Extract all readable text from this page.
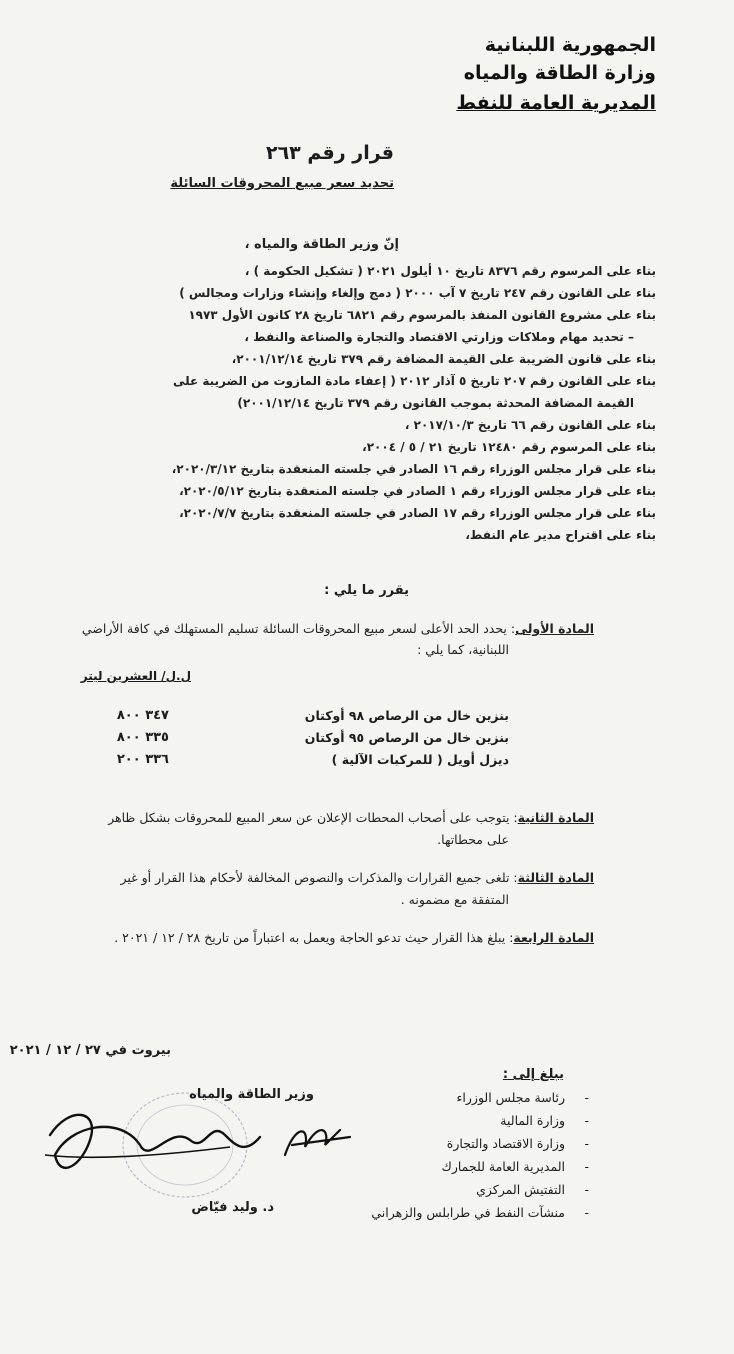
الجمهورية اللبنانية
وزارة الطاقة والمياه
المديرية العامة للنفط
قرار رقم ٢٦٣
تحديد سعر مبيع المحروقات السائلة
إنّ وزير الطاقة والمياه ،
بناء على المرسوم رقم ٨٣٧٦ تاريخ ١٠ أيلول ٢٠٢١ ( تشكيل الحكومة ) ،
بناء على القانون رقم ٢٤٧ تاريخ ٧ آب ٢٠٠٠ ( دمج وإلغاء وإنشاء وزارات ومجالس )
بناء على مشروع القانون المنفذ بالمرسوم رقم ٦٨٢١ تاريخ ٢٨ كانون الأول ١٩٧٣
– تحديد مهام وملاكات وزارتي الاقتصاد والتجارة والصناعة والنفط ،
بناء على قانون الضريبة على القيمة المضافة رقم ٣٧٩ تاريخ ٢٠٠١/١٢/١٤،
بناء على القانون رقم ٢٠٧ تاريخ ٥ آذار ٢٠١٢ ( إعفاء مادة المازوت من الضريبة على
القيمة المضافة المحدثة بموجب القانون رقم ٣٧٩ تاريخ ٢٠٠١/١٢/١٤)
بناء على القانون رقم ٦٦ تاريخ ٢٠١٧/١٠/٣ ،
بناء على المرسوم رقم ١٢٤٨٠ تاريخ ٢١ / ٥ / ٢٠٠٤،
بناء على قرار مجلس الوزراء رقم ١٦ الصادر في جلسته المنعقدة بتاريخ ٢٠٢٠/٣/١٢،
بناء على قرار مجلس الوزراء رقم ١ الصادر في جلسته المنعقدة بتاريخ ٢٠٢٠/٥/١٢،
بناء على قرار مجلس الوزراء رقم ١٧ الصادر في جلسته المنعقدة بتاريخ ٢٠٢٠/٧/٧،
بناء على اقتراح مدير عام النفط،
يقرر ما يلي :
المادة الأولى: يحدد الحد الأعلى لسعر مبيع المحروقات السائلة تسليم المستهلك في كافة الأراضي
اللبنانية، كما يلي :
ل.ل/ العشرين ليتر
بنزين خال من الرصاص ٩٨ أوكتان
٣٤٧ ٨٠٠
بنزين خال من الرصاص ٩٥ أوكتان
٣٣٥ ٨٠٠
ديزل أويل ( للمركبات الآلية )
٣٣٦ ٢٠٠
المادة الثانية: يتوجب على أصحاب المحطات الإعلان عن سعر المبيع للمحروقات بشكل ظاهر
على محطاتها.
المادة الثالثة: تلغى جميع القرارات والمذكرات والنصوص المخالفة لأحكام هذا القرار أو غير
المتفقة مع مضمونه .
المادة الرابعة: يبلغ هذا القرار حيث تدعو الحاجة ويعمل به اعتباراً من تاريخ ٢٨ / ١٢ / ٢٠٢١ .
بيروت في ٢٧ / ١٢ / ٢٠٢١
يبلغ إلى :
-
رئاسة مجلس الوزراء
-
وزارة المالية
-
وزارة الاقتصاد والتجارة
-
المديرية العامة للجمارك
-
التفتيش المركزي
-
منشآت النفط في طرابلس والزهراني
وزير الطاقة والمياه
د. وليد فيّاض
